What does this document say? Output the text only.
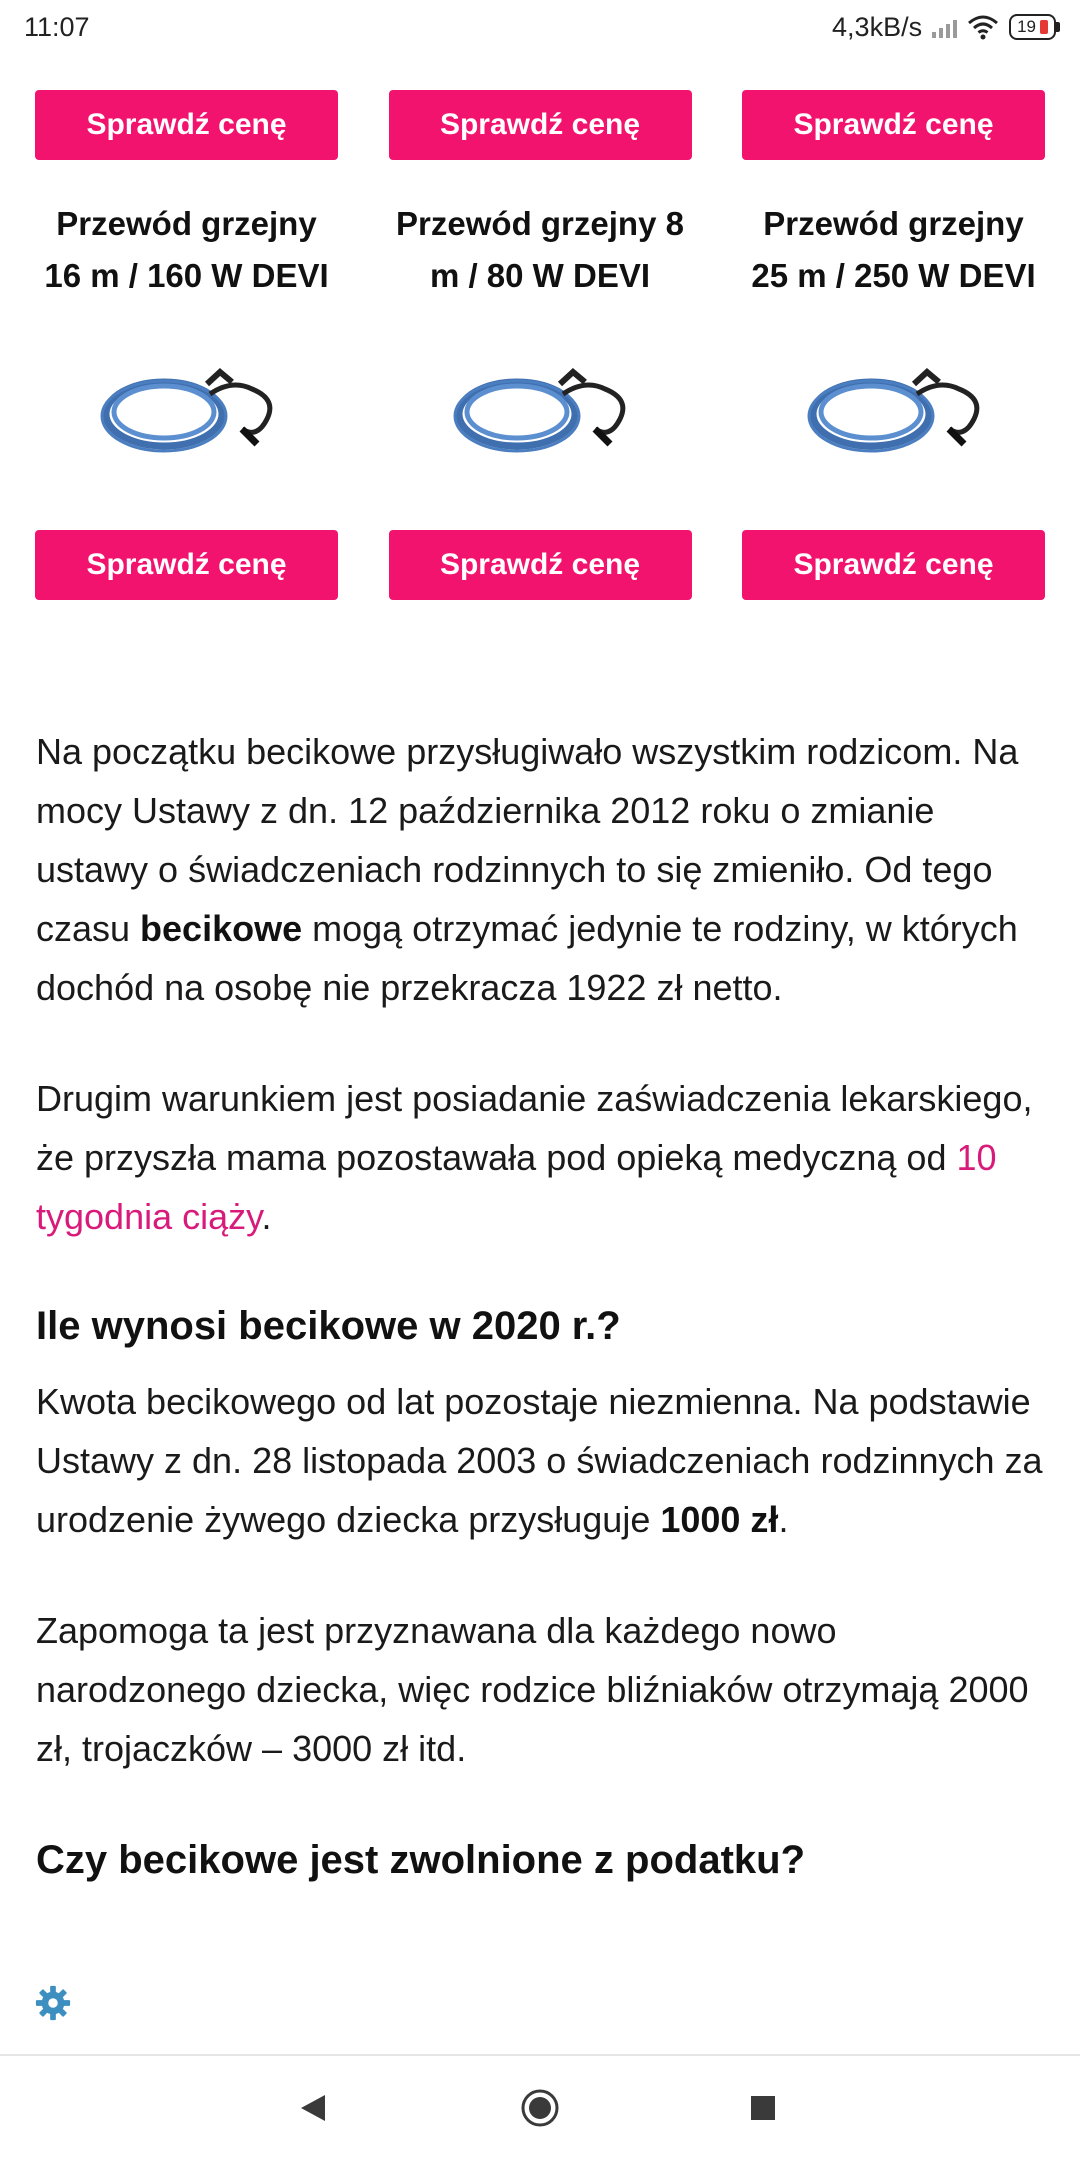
11:07	4,3kB/s	19
Sprawdź cenę
Przewód grzejny
16 m / 160 W DEVI
Sprawdź cenę
Sprawdź cenę
Przewód grzejny 8
m / 80 W DEVI
Sprawdź cenę
Sprawdź cenę
Przewód grzejny
25 m / 250 W DEVI
Sprawdź cenę

Na początku becikowe przysługiwało wszystkim rodzicom. Na mocy Ustawy z dn. 12 października 2012 roku o zmianie ustawy o świadczeniach rodzinnych to się zmieniło. Od tego czasu becikowe mogą otrzymać jedynie te rodziny, w których dochód na osobę nie przekracza 1922 zł netto.

Drugim warunkiem jest posiadanie zaświadczenia lekarskiego, że przyszła mama pozostawała pod opieką medyczną od 10 tygodnia ciąży.

Ile wynosi becikowe w 2020 r.?

Kwota becikowego od lat pozostaje niezmienna. Na podstawie Ustawy z dn. 28 listopada 2003 o świadczeniach rodzinnych za urodzenie żywego dziecka przysługuje 1000 zł.

Zapomoga ta jest przyznawana dla każdego nowo narodzonego dziecka, więc rodzice bliźniaków otrzymają 2000 zł, trojaczków – 3000 zł itd.

Czy becikowe jest zwolnione z podatku?
